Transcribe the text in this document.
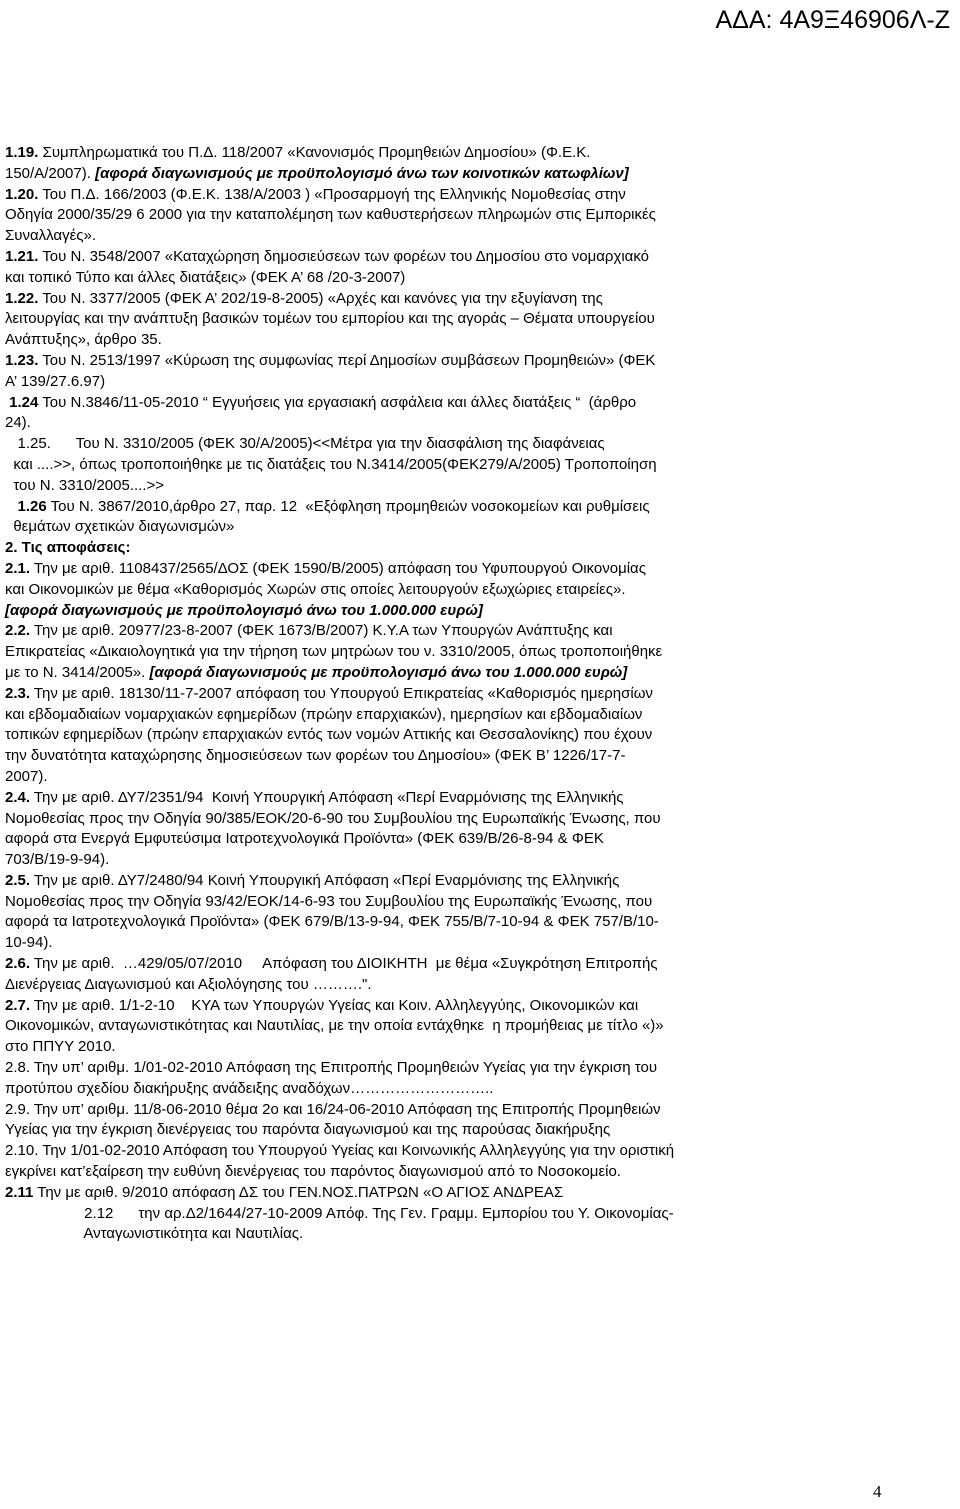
ΑΔΑ: 4Α9Ξ46906Λ-Ζ
1.19. Συμπληρωματικά του Π.Δ. 118/2007 «Κανονισμός Προμηθειών Δημοσίου» (Φ.Ε.Κ.
150/Α/2007). [αφορά διαγωνισμούς με προϋπολογισμό άνω των κοινοτικών κατωφλίων]
1.20. Του Π.Δ. 166/2003 (Φ.Ε.Κ. 138/Α/2003 ) «Προσαρμογή της Ελληνικής Νομοθεσίας στην
Οδηγία 2000/35/29 6 2000 για την καταπολέμηση των καθυστερήσεων πληρωμών στις Εμπορικές
Συναλλαγές».
1.21. Του Ν. 3548/2007 «Καταχώρηση δημοσιεύσεων των φορέων του Δημοσίου στο νομαρχιακό
και τοπικό Τύπο και άλλες διατάξεις» (ΦΕΚ Α’ 68 /20-3-2007)
1.22. Του Ν. 3377/2005 (ΦΕΚ Α’ 202/19-8-2005) «Αρχές και κανόνες για την εξυγίανση της
λειτουργίας και την ανάπτυξη βασικών τομέων του εμπορίου και της αγοράς – Θέματα υπουργείου
Ανάπτυξης», άρθρο 35.
1.23. Του Ν. 2513/1997 «Κύρωση της συμφωνίας περί Δημοσίων συμβάσεων Προμηθειών» (ΦΕΚ
Α’ 139/27.6.97)
1.24 Του Ν.3846/11-05-2010 “ Εγγυήσεις για εργασιακή ασφάλεια και άλλες διατάξεις “  (άρθρο
24).
1.25.      Του Ν. 3310/2005 (ΦΕΚ 30/Α/2005)<<Μέτρα για την διασφάλιση της διαφάνειας
και ....>>, όπως τροποποιήθηκε με τις διατάξεις του Ν.3414/2005(ΦΕΚ279/Α/2005) Τροποποίηση
του Ν. 3310/2005....>>
1.26 Του Ν. 3867/2010,άρθρο 27, παρ. 12  «Εξόφληση προμηθειών νοσοκομείων και ρυθμίσεις
θεμάτων σχετικών διαγωνισμών»
2. Τις αποφάσεις:
2.1. Την με αριθ. 1108437/2565/ΔΟΣ (ΦΕΚ 1590/Β/2005) απόφαση του Υφυπουργού Οικονομίας
και Οικονομικών με θέμα «Καθορισμός Χωρών στις οποίες λειτουργούν εξωχώριες εταιρείες».
[αφορά διαγωνισμούς με προϋπολογισμό άνω του 1.000.000 ευρώ]
2.2. Την με αριθ. 20977/23-8-2007 (ΦΕΚ 1673/Β/2007) Κ.Υ.Α των Υπουργών Ανάπτυξης και
Επικρατείας «Δικαιολογητικά για την τήρηση των μητρώων του ν. 3310/2005, όπως τροποποιήθηκε
με το Ν. 3414/2005». [αφορά διαγωνισμούς με προϋπολογισμό άνω του 1.000.000 ευρώ]
2.3. Την με αριθ. 18130/11-7-2007 απόφαση του Υπουργού Επικρατείας «Καθορισμός ημερησίων
και εβδομαδιαίων νομαρχιακών εφημερίδων (πρώην επαρχιακών), ημερησίων και εβδομαδιαίων
τοπικών εφημερίδων (πρώην επαρχιακών εντός των νομών Αττικής και Θεσσαλονίκης) που έχουν
την δυνατότητα καταχώρησης δημοσιεύσεων των φορέων του Δημοσίου» (ΦΕΚ Β’ 1226/17-7-
2007).
2.4. Την με αριθ. ΔΥ7/2351/94  Κοινή Υπουργική Απόφαση «Περί Εναρμόνισης της Ελληνικής
Νομοθεσίας προς την Οδηγία 90/385/ΕΟΚ/20-6-90 του Συμβουλίου της Ευρωπαϊκής Ένωσης, που
αφορά στα Ενεργά Εμφυτεύσιμα Ιατροτεχνολογικά Προϊόντα» (ΦΕΚ 639/Β/26-8-94 & ΦΕΚ
703/Β/19-9-94).
2.5. Την με αριθ. ΔΥ7/2480/94 Κοινή Υπουργική Απόφαση «Περί Εναρμόνισης της Ελληνικής
Νομοθεσίας προς την Οδηγία 93/42/ΕΟΚ/14-6-93 του Συμβουλίου της Ευρωπαϊκής Ένωσης, που
αφορά τα Ιατροτεχνολογικά Προϊόντα» (ΦΕΚ 679/Β/13-9-94, ΦΕΚ 755/Β/7-10-94 & ΦΕΚ 757/Β/10-
10-94).
2.6. Την με αριθ.  …429/05/07/2010     Απόφαση του ΔΙΟΙΚΗΤΗ  με θέμα «Συγκρότηση Επιτροπής
Διενέργειας Διαγωνισμού και Αξιολόγησης του ……….".
2.7. Την με αριθ. 1/1-2-10    ΚΥΑ των Υπουργών Υγείας και Κοιν. Αλληλεγγύης, Οικονομικών και
Οικονομικών, ανταγωνιστικότητας και Ναυτιλίας, με την οποία εντάχθηκε  η προμήθειας με τίτλο «)»
στο ΠΠΥΥ 2010.
2.8. Την υπ’ αριθμ. 1/01-02-2010 Απόφαση της Επιτροπής Προμηθειών Υγείας για την έγκριση του
προτύπου σχεδίου διακήρυξης ανάδειξης αναδόχων………………………..
2.9. Την υπ’ αριθμ. 11/8-06-2010 θέμα 2ο και 16/24-06-2010 Απόφαση της Επιτροπής Προμηθειών
Υγείας για την έγκριση διενέργειας του παρόντα διαγωνισμού και της παρούσας διακήρυξης
2.10. Την 1/01-02-2010 Απόφαση του Υπουργού Υγείας και Κοινωνικής Αλληλεγγύης για την οριστική
εγκρίνει κατ’εξαίρεση την ευθύνη διενέργειας του παρόντος διαγωνισμού από το Νοσοκομείο.
2.11 Την με αριθ. 9/2010 απόφαση ΔΣ του ΓΕΝ.ΝΟΣ.ΠΑΤΡΩΝ «Ο ΑΓΙΟΣ ΑΝΔΡΕΑΣ
2.12      την αρ.Δ2/1644/27-10-2009 Απόφ. Της Γεν. Γραμμ. Εμπορίου του Υ. Οικονομίας-
Ανταγωνιστικότητα και Ναυτιλίας.
4
